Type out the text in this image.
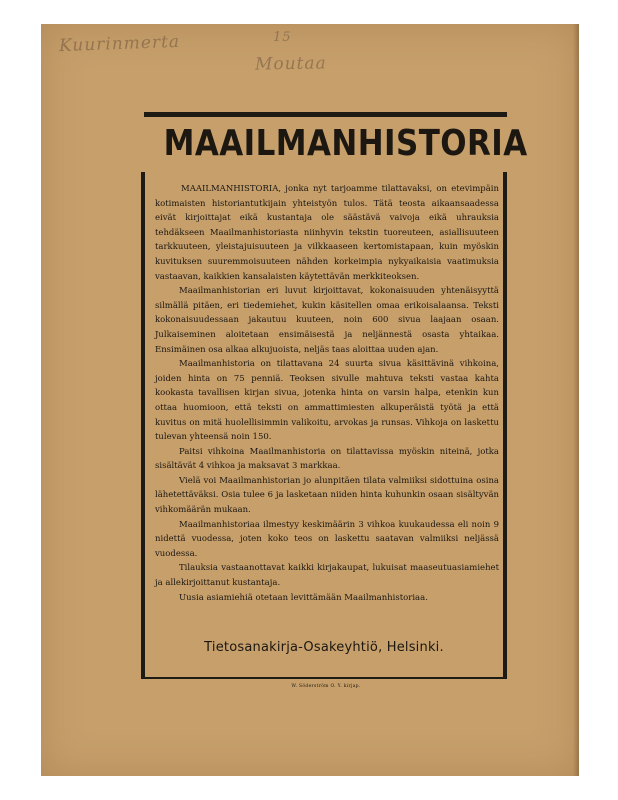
Kuurinmerta	15
Moutaa
MAAILMANHISTORIA

MAAILMANHISTORIA, jonka nyt tarjoamme tilattavaksi, on etevimpäin kotimaisten historiantutkijain yhteistyön tulos. Tätä teosta aikaansaadessa eivät kirjoittajat eikä kustantaja ole säästävä vaivoja eikä uhrauksia tehdäkseen Maailmanhistoriasta niinhyvin tekstin tuoreuteen, asiallisuuteen tarkkuuteen, yleistajuisuuteen ja vilkkaaseen kertomistapaan, kuin myöskin kuvituksen suuremmoisuuteen nähden korkeimpia nykyaikaisia vaatimuksia vastaavan, kaikkien kansalaisten käytettävän merkkiteoksen.

Maailmanhistorian eri luvut kirjoittavat, kokonaisuuden yhtenäisyyttä silmällä pitäen, eri tiedemiehet, kukin käsitellen omaa erikoisalaansa. Teksti kokonaisuudessaan jakautuu kuuteen, noin 600 sivua laajaan osaan. Julkaiseminen aloitetaan ensimäisestä ja neljännestä osasta yhtaikaa. Ensimäinen osa alkaa alkujuoista, neljäs taas aloittaa uuden ajan.

Maailmanhistoria on tilattavana 24 suurta sivua käsittävinä vihkoina, joiden hinta on 75 penniä. Teoksen sivulle mahtuva teksti vastaa kahta kookasta tavallisen kirjan sivua, jotenka hinta on varsin halpa, etenkin kun ottaa huomioon, että teksti on ammattimiesten alkuperäistä työtä ja että kuvitus on mitä huolellisimmin valikoitu, arvokas ja runsas. Vihkoja on laskettu tulevan yhteensä noin 150.

Paitsi vihkoina Maailmanhistoria on tilattavissa myöskin niteinä, jotka sisältävät 4 vihkoa ja maksavat 3 markkaa.

Vielä voi Maailmanhistorian jo alunpitäen tilata valmiiksi sidottuina osina lähetettäväksi. Osia tulee 6 ja lasketaan niiden hinta kuhunkin osaan sisältyvän vihkomäärän mukaan.

Maailmanhistoriaa ilmestyy keskimäärin 3 vihkoa kuukaudessa eli noin 9 nidettä vuodessa, joten koko teos on laskettu saatavan valmiiksi neljässä vuodessa.

Tilauksia vastaanottavat kaikki kirjakaupat, lukuisat maaseutuasiamiehet ja allekirjoittanut kustantaja.

Uusia asiamiehiä otetaan levittämään Maailmanhistoriaa.

Tietosanakirja-Osakeyhtiö, Helsinki.
W. Söderström O. Y. kirjap.
